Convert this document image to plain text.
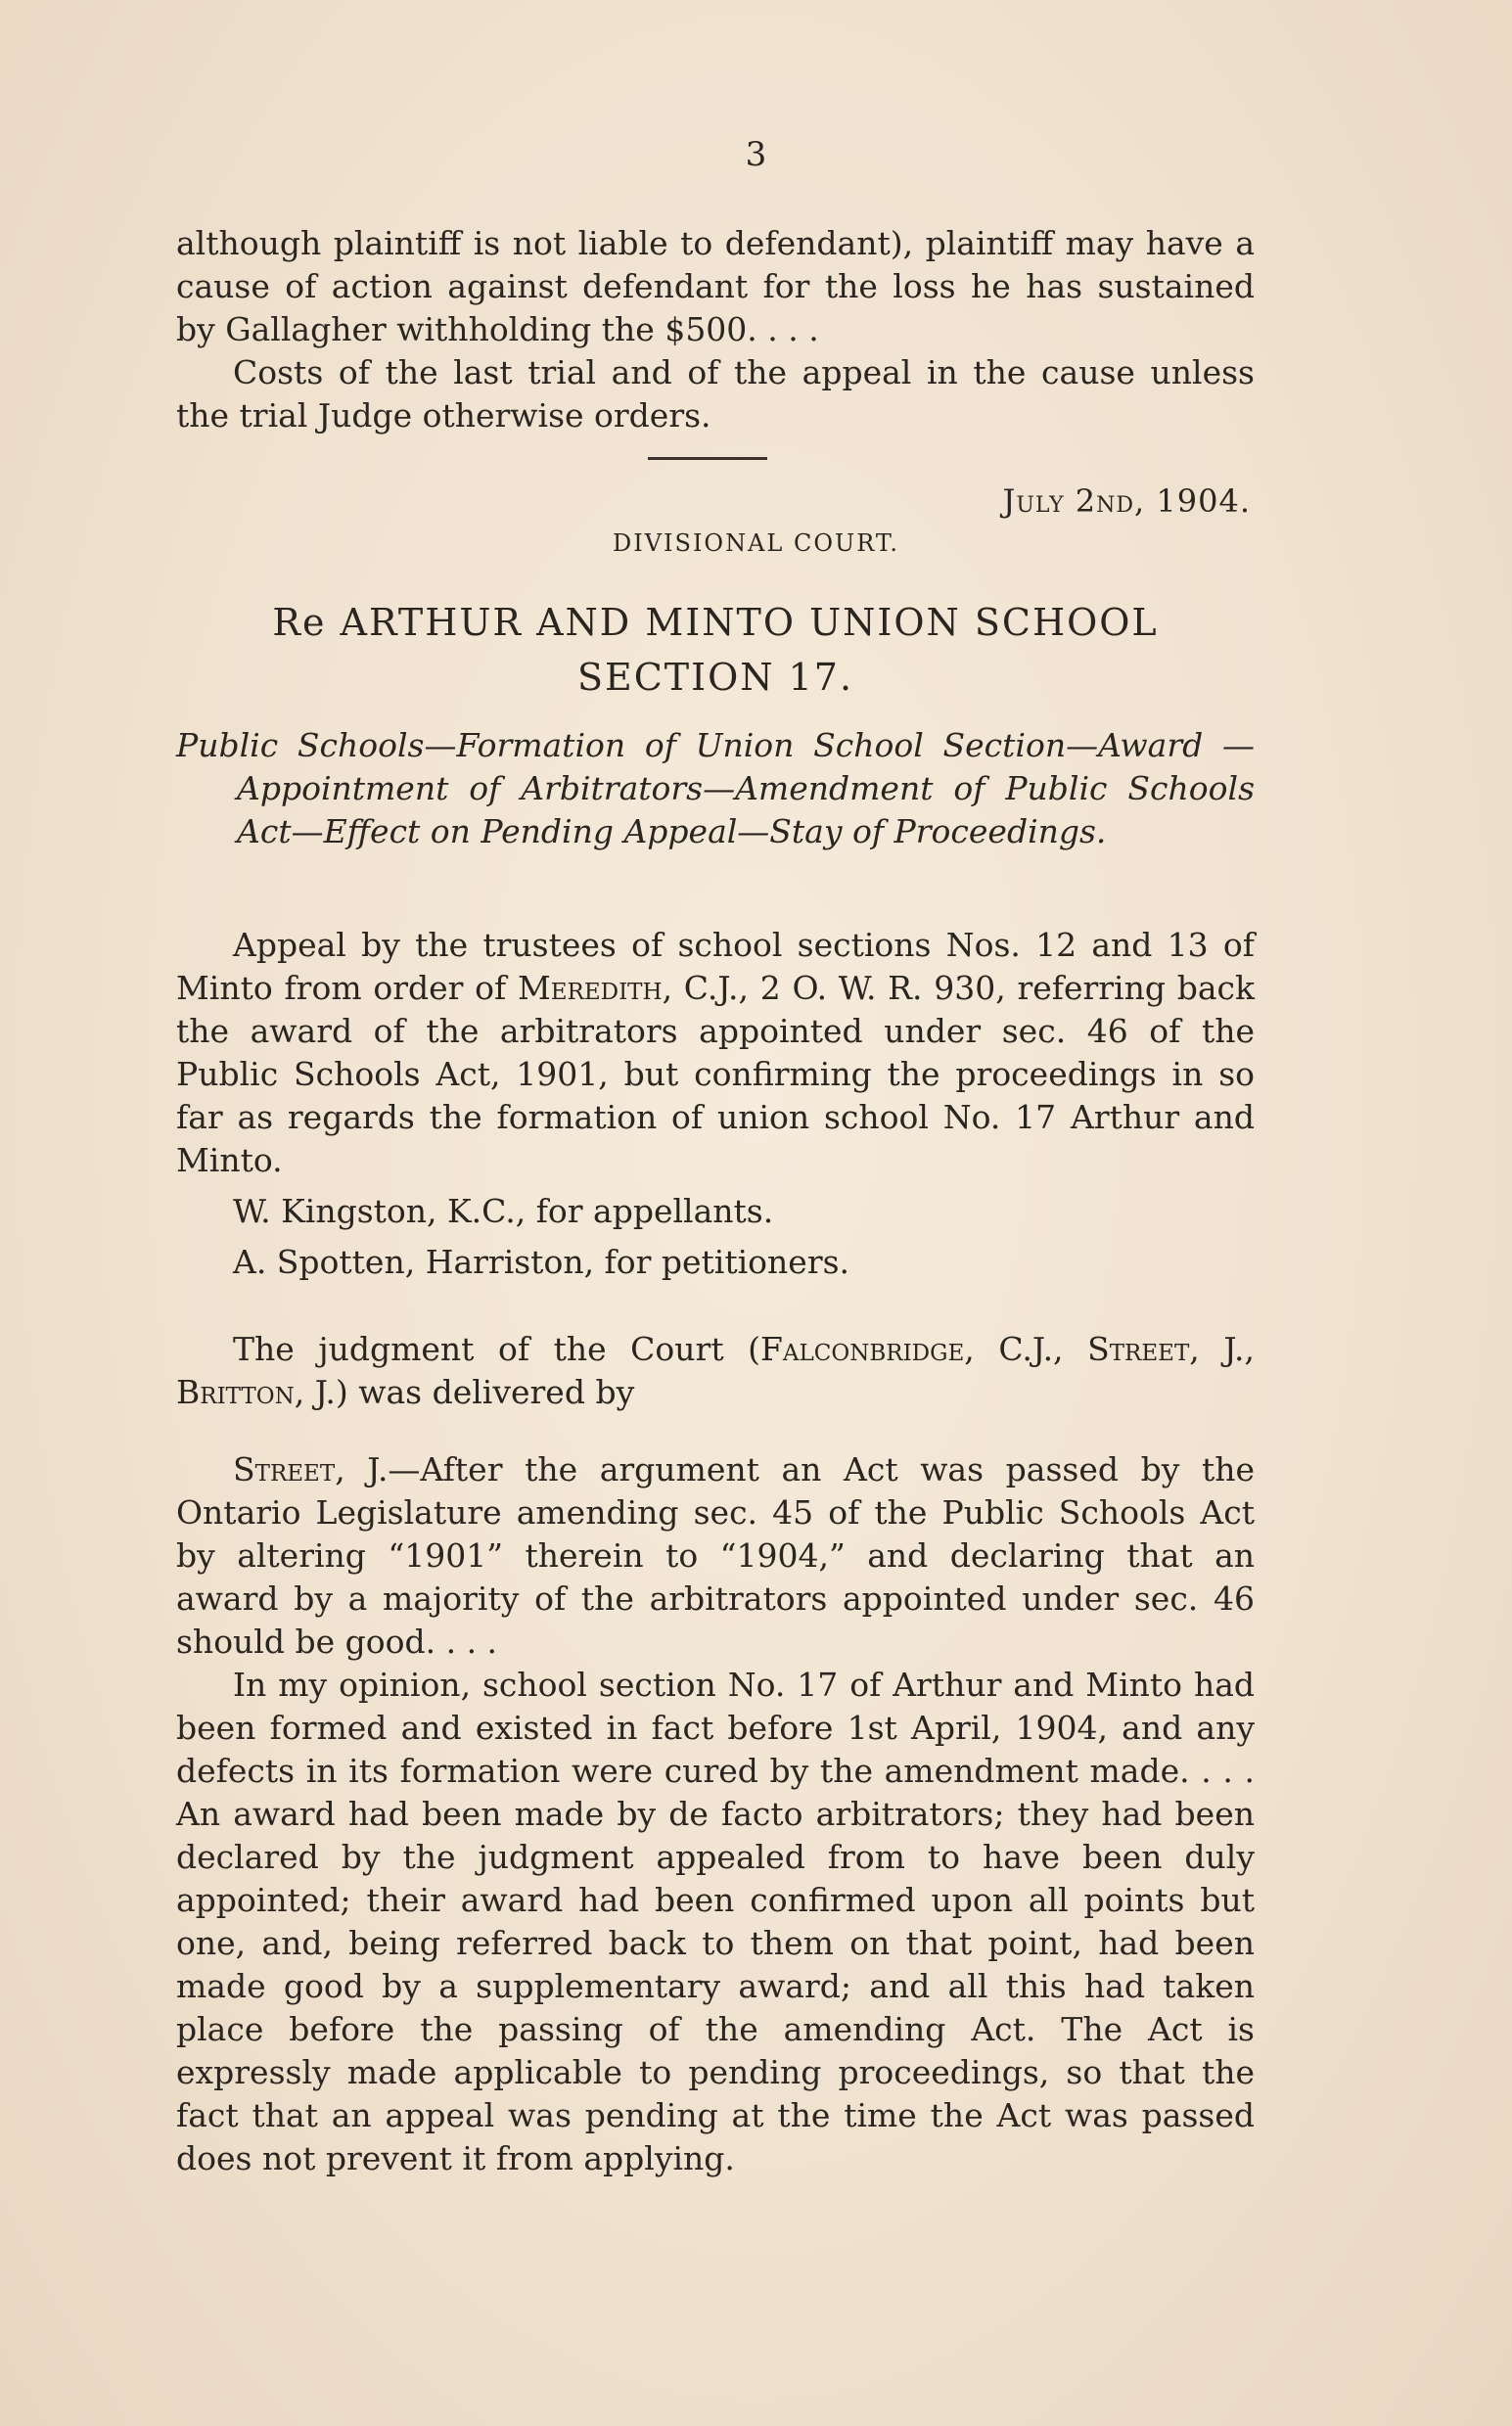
3

although plaintiff is not liable to defendant), plaintiff may have a cause of action against defendant for the loss he has sustained by Gallagher withholding the $500. . . .

Costs of the last trial and of the appeal in the cause unless the trial Judge otherwise orders.

July 2nd, 1904.
DIVISIONAL COURT.
Re ARTHUR AND MINTO UNION SCHOOL SECTION 17.
Public Schools—Formation of Union School Section—Award —Appointment of Arbitrators—Amendment of Public Schools Act—Effect on Pending Appeal—Stay of Proceedings.

Appeal by the trustees of school sections Nos. 12 and 13 of Minto from order of Meredith, C.J., 2 O. W. R. 930, referring back the award of the arbitrators appointed under sec. 46 of the Public Schools Act, 1901, but confirming the proceedings in so far as regards the formation of union school No. 17 Arthur and Minto.

W. Kingston, K.C., for appellants.

A. Spotten, Harriston, for petitioners.

The judgment of the Court (Falconbridge, C.J., Street, J., Britton, J.) was delivered by

Street, J.—After the argument an Act was passed by the Ontario Legislature amending sec. 45 of the Public Schools Act by altering “1901” therein to “1904,” and declaring that an award by a majority of the arbitrators appointed under sec. 46 should be good. . . .

In my opinion, school section No. 17 of Arthur and Minto had been formed and existed in fact before 1st April, 1904, and any defects in its formation were cured by the amendment made. . . . An award had been made by de facto arbitrators; they had been declared by the judgment appealed from to have been duly appointed; their award had been confirmed upon all points but one, and, being referred back to them on that point, had been made good by a supplementary award; and all this had taken place before the passing of the amending Act. The Act is expressly made applicable to pending proceedings, so that the fact that an appeal was pending at the time the Act was passed does not prevent it from applying.
